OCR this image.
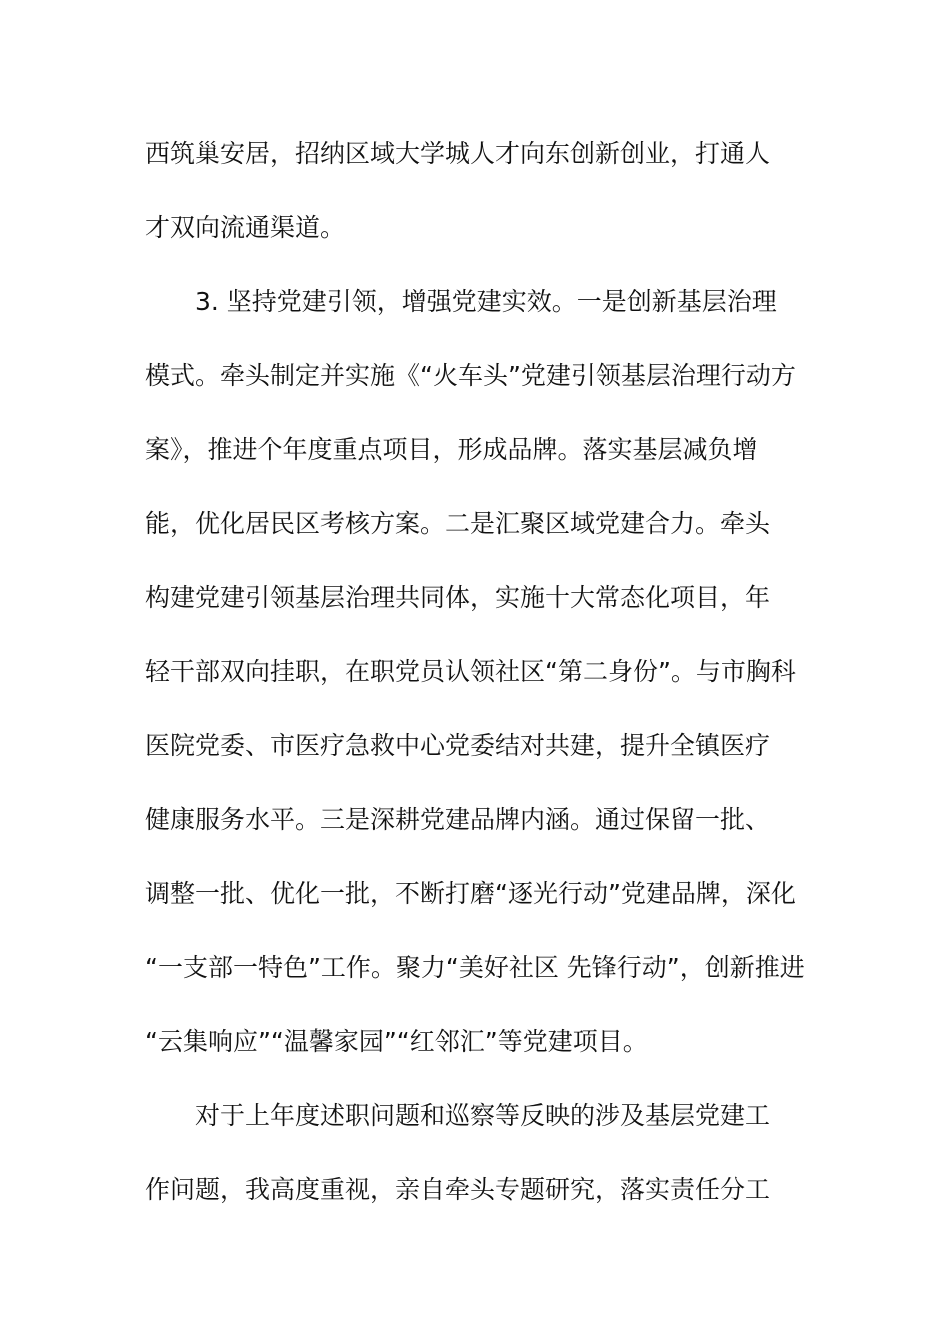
西筑巢安居，招纳区域大学城人才向东创新创业，打通人
才双向流通渠道。
3. 坚持党建引领，增强党建实效。一是创新基层治理
模式。牵头制定并实施《“火车头”党建引领基层治理行动方
案》，推进个年度重点项目，形成品牌。落实基层减负增
能，优化居民区考核方案。二是汇聚区域党建合力。牵头
构建党建引领基层治理共同体，实施十大常态化项目，年
轻干部双向挂职，在职党员认领社区“第二身份”。与市胸科
医院党委、市医疗急救中心党委结对共建，提升全镇医疗
健康服务水平。三是深耕党建品牌内涵。通过保留一批、
调整一批、优化一批，不断打磨“逐光行动”党建品牌，深化
“一支部一特色”工作。聚力“美好社区 先锋行动”，创新推进
“云集响应”“温馨家园”“红邻汇”等党建项目。
对于上年度述职问题和巡察等反映的涉及基层党建工
作问题，我高度重视，亲自牵头专题研究，落实责任分工
